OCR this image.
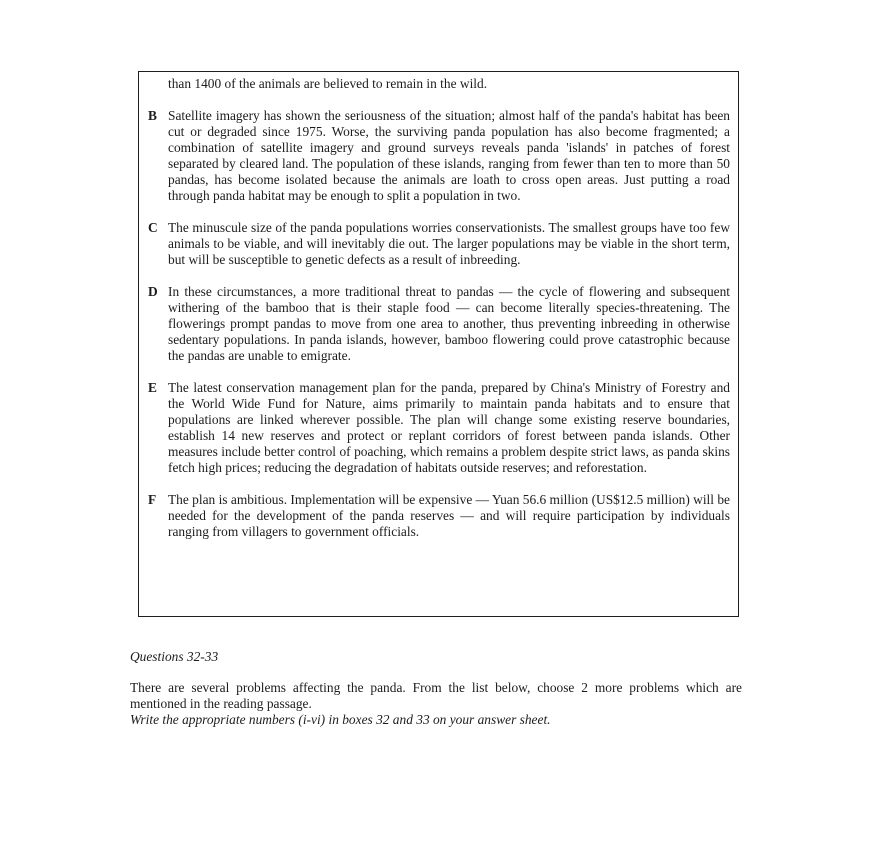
than 1400 of the animals are believed to remain in the wild.
B Satellite imagery has shown the seriousness of the situation; almost half of the panda's habitat has been cut or degraded since 1975. Worse, the surviving panda population has also become fragmented; a combination of satellite imagery and ground surveys reveals panda 'islands' in patches of forest separated by cleared land. The population of these islands, ranging from fewer than ten to more than 50 pandas, has become isolated because the animals are loath to cross open areas. Just putting a road through panda habitat may be enough to split a population in two.
C The minuscule size of the panda populations worries conservationists. The smallest groups have too few animals to be viable, and will inevitably die out. The larger populations may be viable in the short term, but will be susceptible to genetic defects as a result of inbreeding.
D In these circumstances, a more traditional threat to pandas — the cycle of flowering and subsequent withering of the bamboo that is their staple food — can become literally species-threatening. The flowerings prompt pandas to move from one area to another, thus preventing inbreeding in otherwise sedentary populations. In panda islands, however, bamboo flowering could prove catastrophic because the pandas are unable to emigrate.
E The latest conservation management plan for the panda, prepared by China's Ministry of Forestry and the World Wide Fund for Nature, aims primarily to maintain panda habitats and to ensure that populations are linked wherever possible. The plan will change some existing reserve boundaries, establish 14 new reserves and protect or replant corridors of forest between panda islands. Other measures include better control of poaching, which remains a problem despite strict laws, as panda skins fetch high prices; reducing the degradation of habitats outside reserves; and reforestation.
F The plan is ambitious. Implementation will be expensive — Yuan 56.6 million (US$12.5 million) will be needed for the development of the panda reserves — and will require participation by individuals ranging from villagers to government officials.
Questions 32-33
There are several problems affecting the panda. From the list below, choose 2 more problems which are mentioned in the reading passage.
Write the appropriate numbers (i-vi) in boxes 32 and 33 on your answer sheet.
